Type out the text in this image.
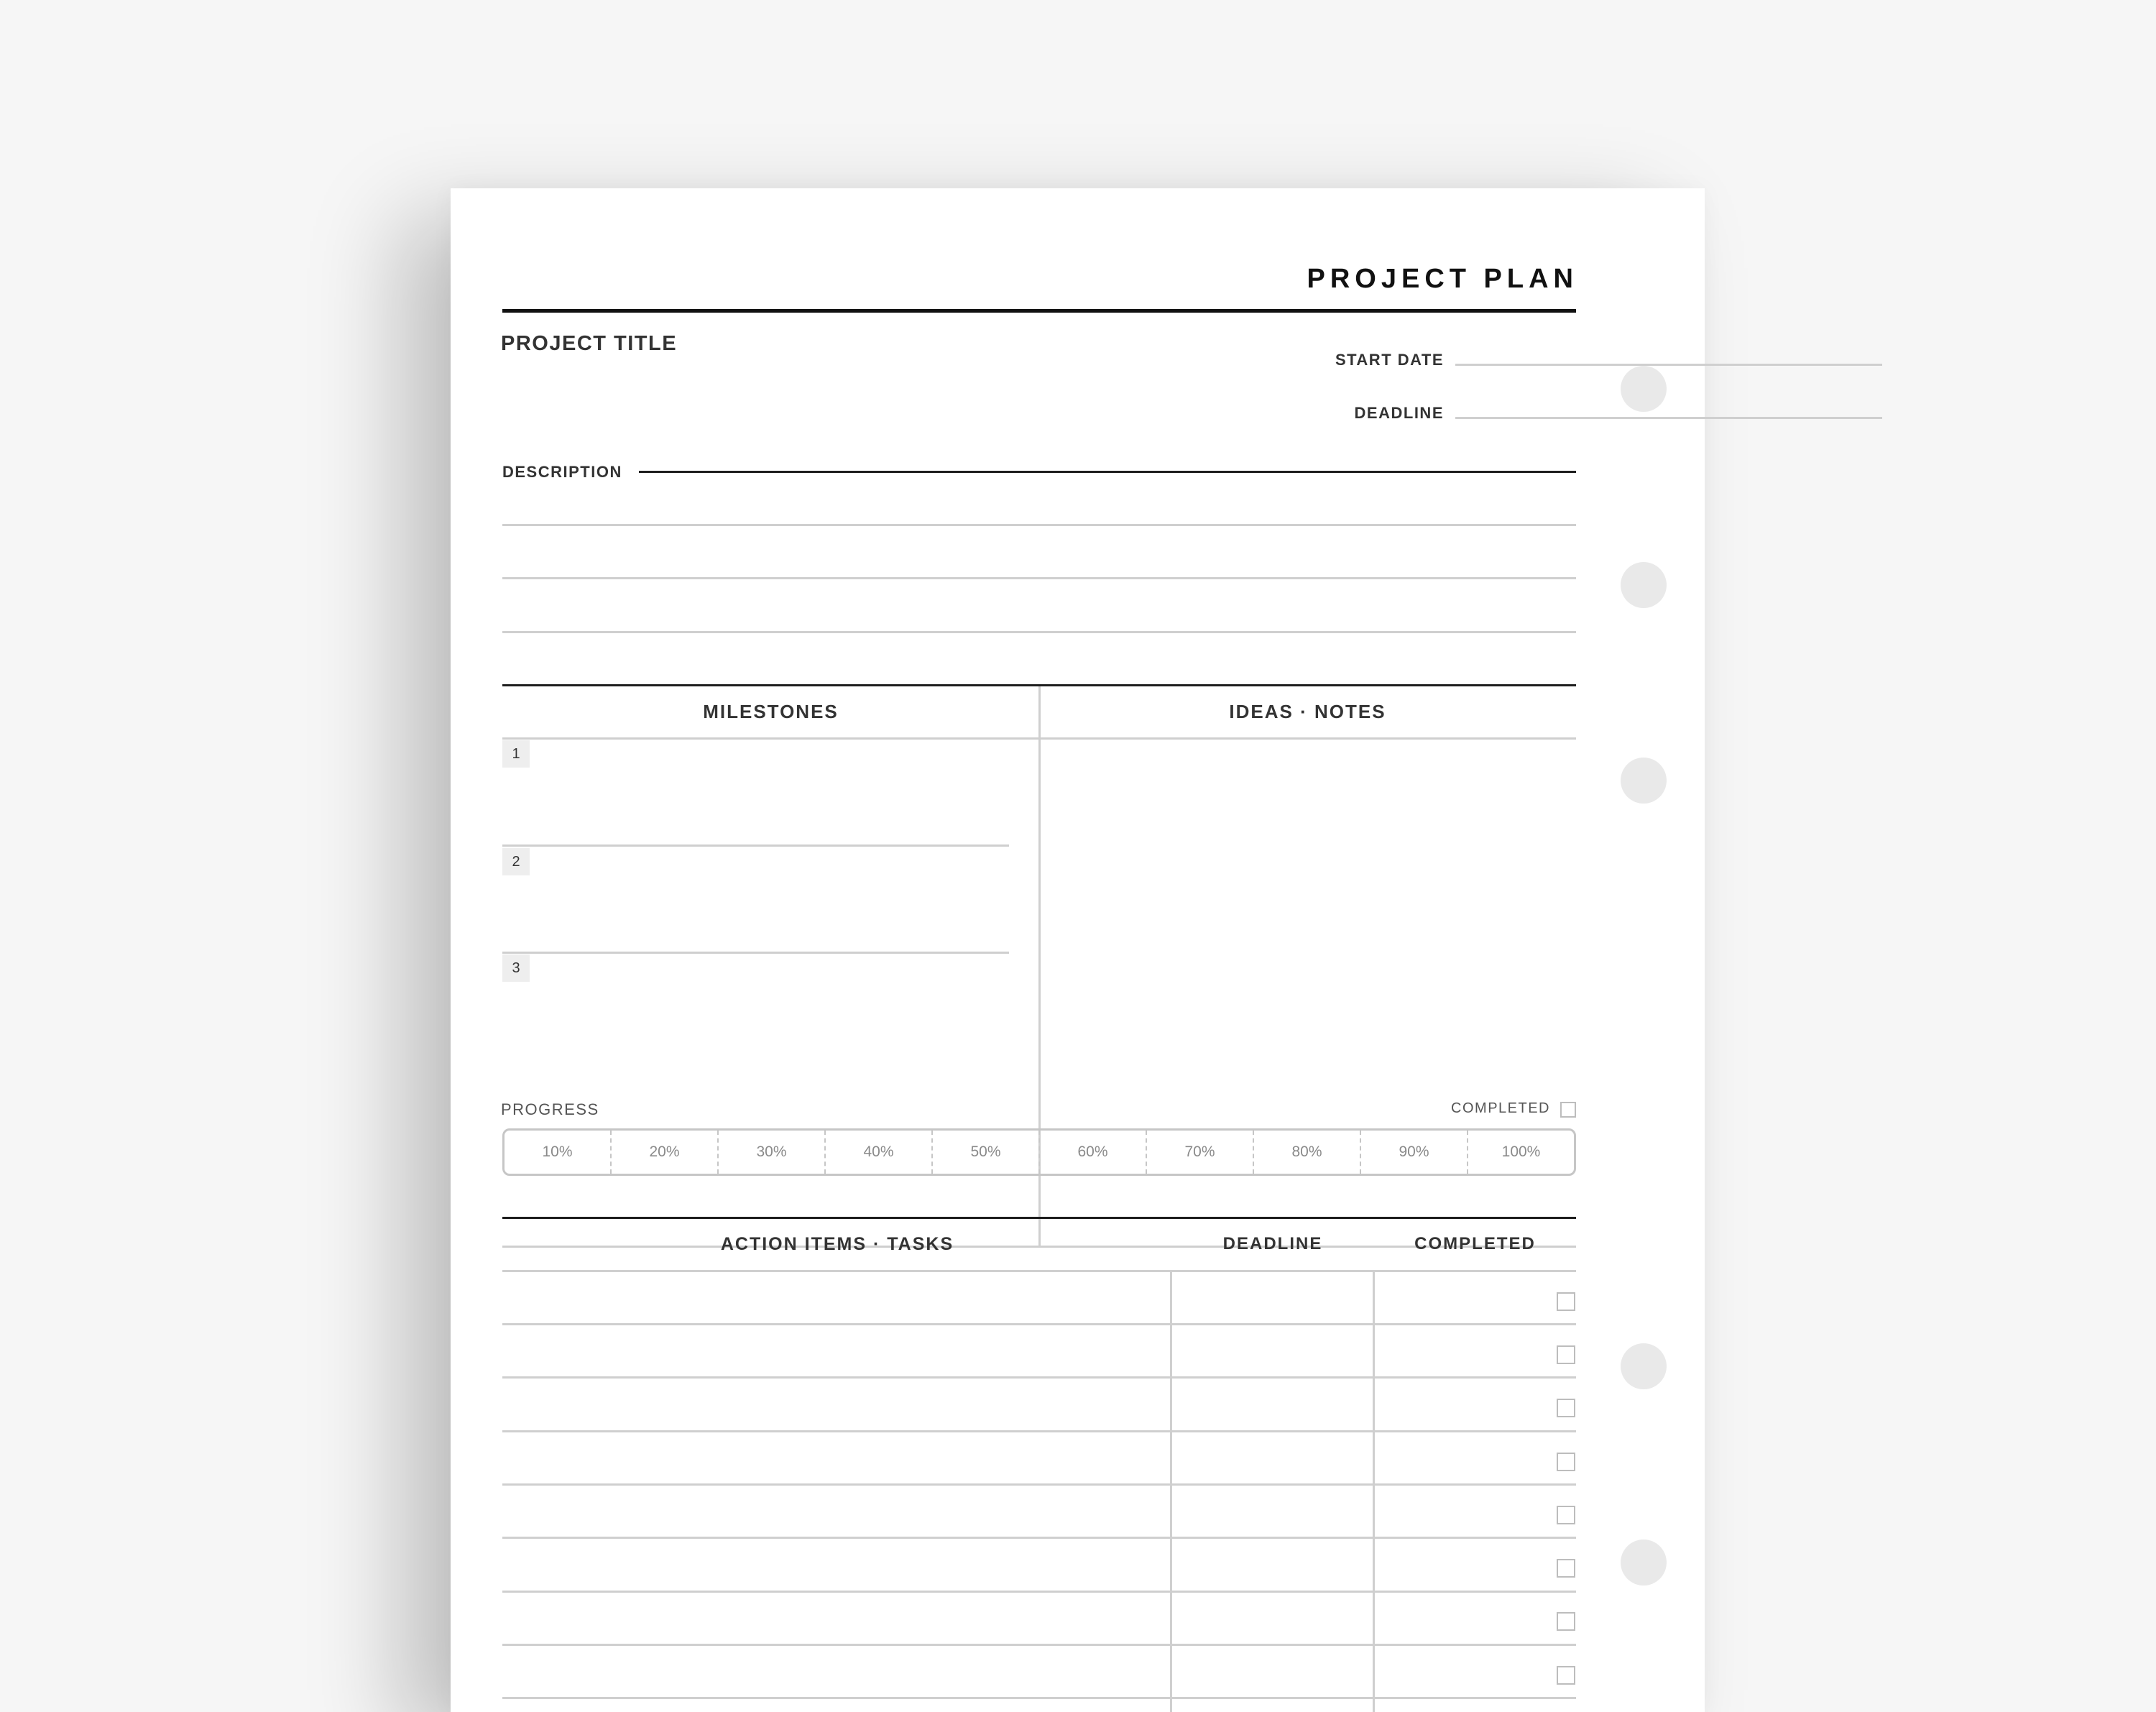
PROJECT PLAN
PROJECT TITLE
START DATE
DEADLINE
DESCRIPTION
MILESTONES	IDEAS · NOTES
1
2
3
PROGRESS	COMPLETED
10%	20%	30%	40%	50%	60%	70%	80%	90%	100%
ACTION ITEMS · TASKS	DEADLINE	COMPLETED
